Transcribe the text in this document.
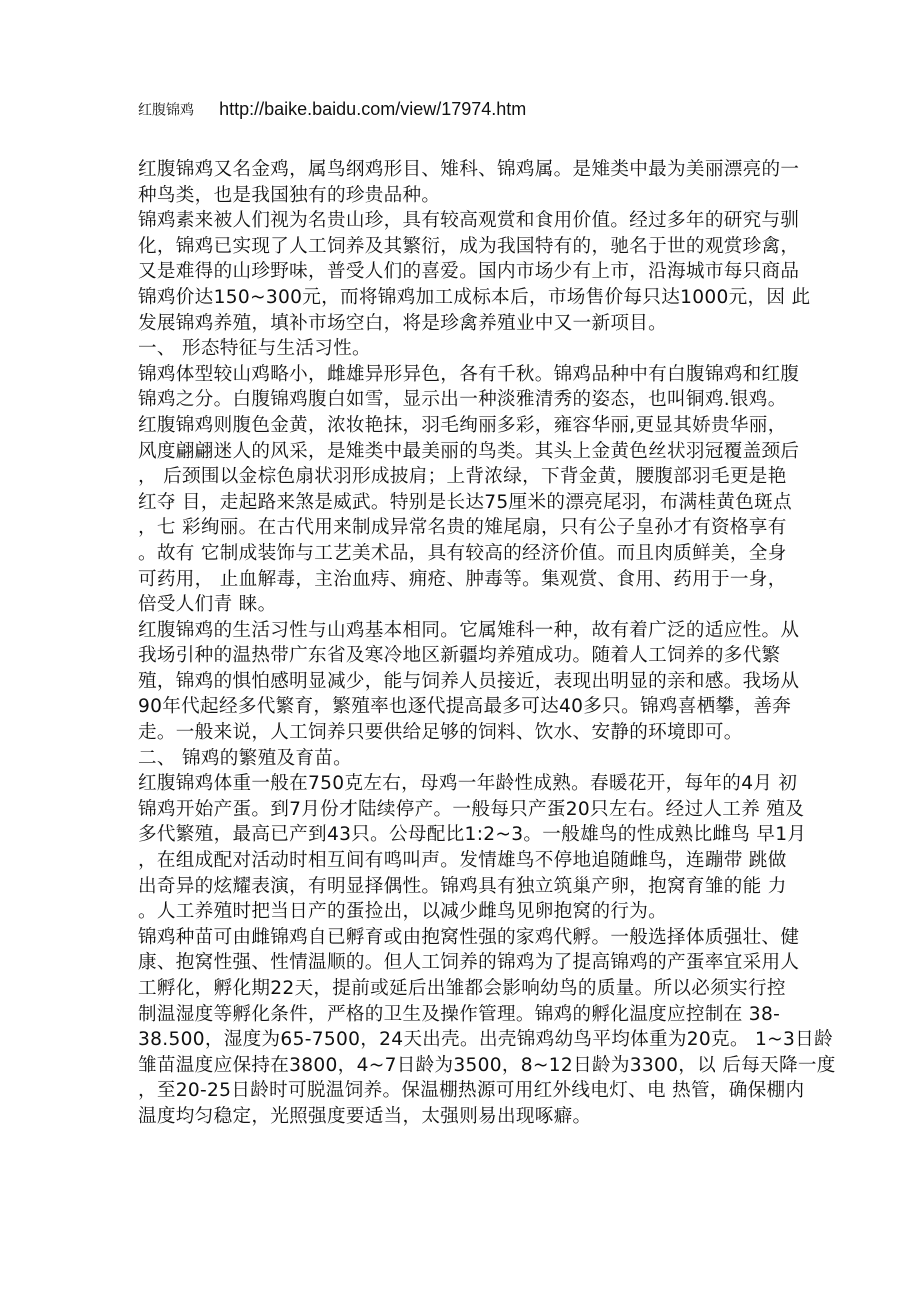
红腹锦鸡 http://baike.baidu.com/view/17974.htm
红腹锦鸡又名金鸡，属鸟纲鸡形目、雉科、锦鸡属。是雉类中最为美丽漂亮的一
种鸟类，也是我国独有的珍贵品种。
锦鸡素来被人们视为名贵山珍，具有较高观赏和食用价值。经过多年的研究与驯
化，锦鸡已实现了人工饲养及其繁衍，成为我国特有的，驰名于世的观赏珍禽，
又是难得的山珍野味，普受人们的喜爱。国内市场少有上市，沿海城市每只商品
锦鸡价达150~300元，而将锦鸡加工成标本后，市场售价每只达1000元，因 此
发展锦鸡养殖，填补市场空白，将是珍禽养殖业中又一新项目。
一、 形态特征与生活习性。
锦鸡体型较山鸡略小，雌雄异形异色，各有千秋。锦鸡品种中有白腹锦鸡和红腹
锦鸡之分。白腹锦鸡腹白如雪，显示出一种淡雅清秀的姿态，也叫铜鸡.银鸡。
红腹锦鸡则腹色金黄，浓妆艳抹，羽毛绚丽多彩，雍容华丽,更显其娇贵华丽，
风度翩翩迷人的风采，是雉类中最美丽的鸟类。其头上金黄色丝状羽冠覆盖颈后
， 后颈围以金棕色扇状羽形成披肩；上背浓绿，下背金黄，腰腹部羽毛更是艳
红夺 目，走起路来煞是威武。特别是长达75厘米的漂亮尾羽，布满桂黄色斑点
，七 彩绚丽。在古代用来制成异常名贵的雉尾扇，只有公子皇孙才有资格享有
。故有 它制成装饰与工艺美术品，具有较高的经济价值。而且肉质鲜美，全身
可药用， 止血解毒，主治血痔、痈疮、肿毒等。集观赏、食用、药用于一身，
倍受人们青 睐。
红腹锦鸡的生活习性与山鸡基本相同。它属雉科一种，故有着广泛的适应性。从
我场引种的温热带广东省及寒冷地区新疆均养殖成功。随着人工饲养的多代繁
殖，锦鸡的惧怕感明显减少，能与饲养人员接近，表现出明显的亲和感。我场从
90年代起经多代繁育，繁殖率也逐代提高最多可达40多只。锦鸡喜栖攀，善奔
走。一般来说，人工饲养只要供给足够的饲料、饮水、安静的环境即可。
二、 锦鸡的繁殖及育苗。
红腹锦鸡体重一般在750克左右，母鸡一年龄性成熟。春暖花开，每年的4月 初
锦鸡开始产蛋。到7月份才陆续停产。一般每只产蛋20只左右。经过人工养 殖及
多代繁殖，最高已产到43只。公母配比1:2~3。一般雄鸟的性成熟比雌鸟 早1月
，在组成配对活动时相互间有鸣叫声。发情雄鸟不停地追随雌鸟，连蹦带 跳做
出奇异的炫耀表演，有明显择偶性。锦鸡具有独立筑巢产卵，抱窝育雏的能 力
。人工养殖时把当日产的蛋捡出，以减少雌鸟见卵抱窝的行为。
锦鸡种苗可由雌锦鸡自已孵育或由抱窝性强的家鸡代孵。一般选择体质强壮、健
康、抱窝性强、性情温顺的。但人工饲养的锦鸡为了提高锦鸡的产蛋率宜采用人
工孵化，孵化期22天，提前或延后出雏都会影响幼鸟的质量。所以必须实行控
制温湿度等孵化条件，严格的卫生及操作管理。锦鸡的孵化温度应控制在 38-
38.500，湿度为65-7500，24天出壳。出壳锦鸡幼鸟平均体重为20克。 1~3日龄
雏苗温度应保持在3800，4~7日龄为3500，8~12日龄为3300，以 后每天降一度
，至20-25日龄时可脱温饲养。保温棚热源可用红外线电灯、电 热管，确保棚内
温度均匀稳定，光照强度要适当，太强则易出现啄癖。
